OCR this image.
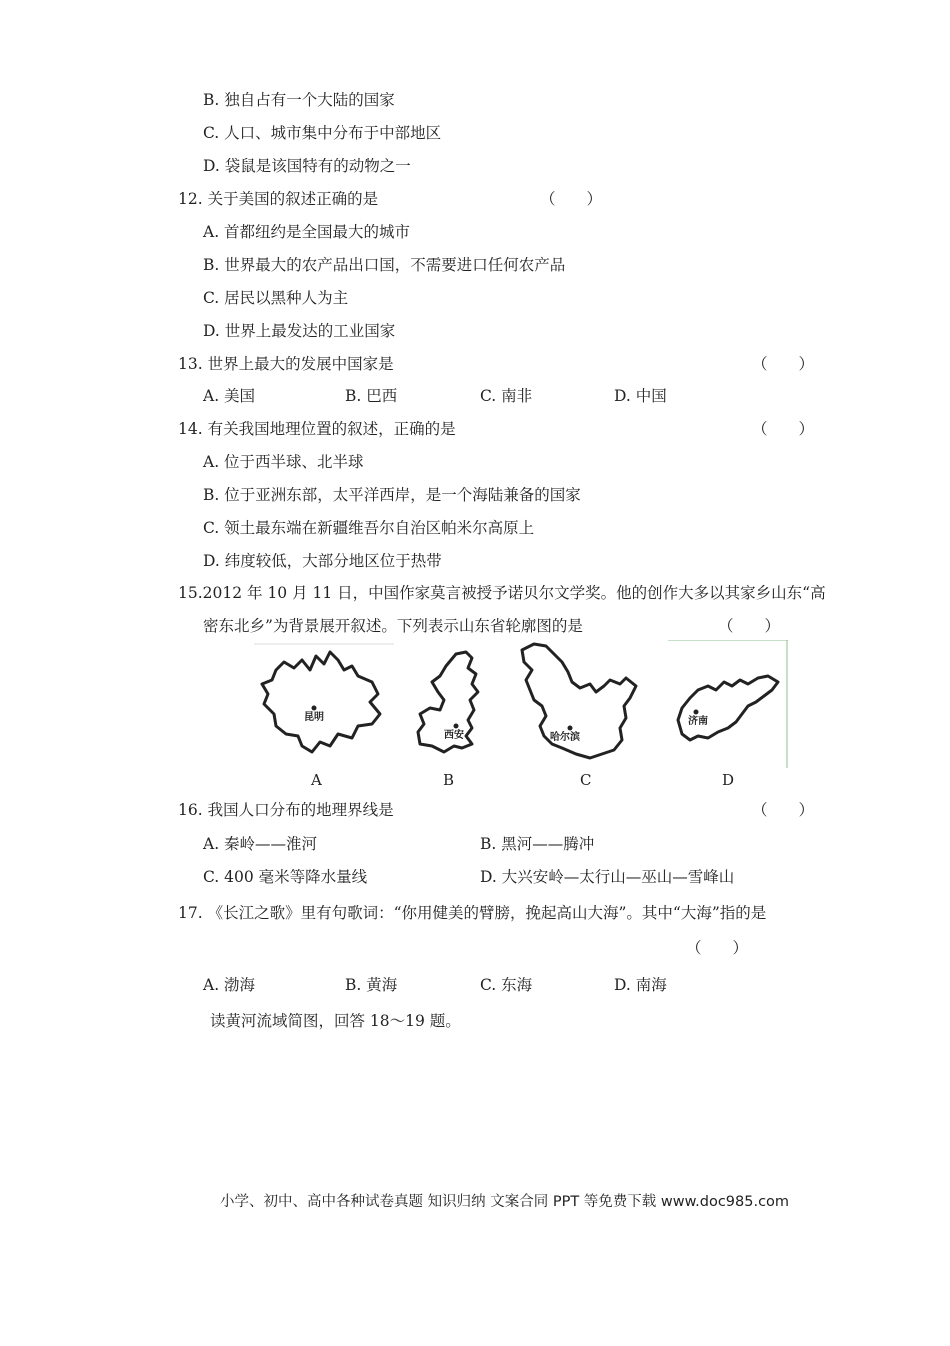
B. 独自占有一个大陆的国家
C. 人口、城市集中分布于中部地区
D. 袋鼠是该国特有的动物之一
12. 关于美国的叙述正确的是	（　　）
A. 首都纽约是全国最大的城市
B. 世界最大的农产品出口国，不需要进口任何农产品
C. 居民以黑种人为主
D. 世界上最发达的工业国家
13. 世界上最大的发展中国家是	（　　）
A. 美国	B. 巴西	C. 南非	D. 中国
14. 有关我国地理位置的叙述，正确的是	（　　）
A. 位于西半球、北半球
B. 位于亚洲东部，太平洋西岸，是一个海陆兼备的国家
C. 领土最东端在新疆维吾尔自治区帕米尔高原上
D. 纬度较低，大部分地区位于热带
15.2012 年 10 月 11 日，中国作家莫言被授予诺贝尔文学奖。他的创作大多以其家乡山东“高
密东北乡”为背景展开叙述。下列表示山东省轮廓图的是	（　　）
昆明
西安	哈尔滨
济南
A	B	C	D
16. 我国人口分布的地理界线是	（　　）
A. 秦岭——淮河	B. 黑河——腾冲
C. 400 毫米等降水量线	D. 大兴安岭—太行山—巫山—雪峰山
17. 《长江之歌》里有句歌词：“你用健美的臂膀，挽起高山大海”。其中“大海”指的是
（　　）
A. 渤海	B. 黄海	C. 东海	D. 南海
读黄河流域简图，回答 18～19 题。
小学、初中、高中各种试卷真题 知识归纳 文案合同 PPT 等免费下载 www.doc985.com
